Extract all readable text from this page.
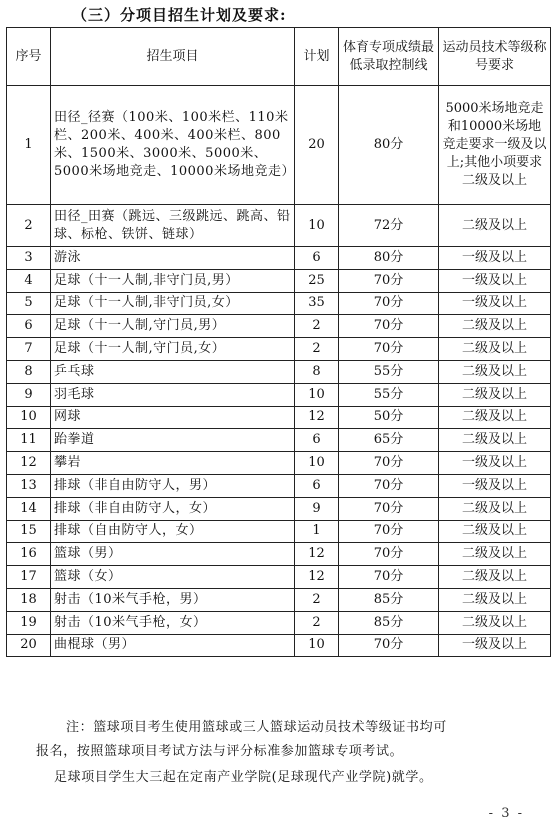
（三）分项目招生计划及要求:
序号	招生项目	计划	体育专项成绩最低录取控制线	运动员技术等级称号要求
1	田径_径赛（100米、100米栏、110米栏、200米、400米、400米栏、800米、1500米、3000米、5000米、5000米场地竞走、10000米场地竞走）	20	80分	5000米场地竞走和10000米场地竞走要求一级及以上;其他小项要求二级及以上
2	田径_田赛（跳远、三级跳远、跳高、铅球、标枪、铁饼、链球）	10	72分	二级及以上
3	游泳	6	80分	一级及以上
4	足球（十一人制,非守门员,男）	25	70分	一级及以上
5	足球（十一人制,非守门员,女）	35	70分	一级及以上
6	足球（十一人制,守门员,男）	2	70分	二级及以上
7	足球（十一人制,守门员,女）	2	70分	二级及以上
8	乒乓球	8	55分	二级及以上
9	羽毛球	10	55分	二级及以上
10	网球	12	50分	二级及以上
11	跆拳道	6	65分	二级及以上
12	攀岩	10	70分	一级及以上
13	排球（非自由防守人，男）	6	70分	一级及以上
14	排球（非自由防守人，女）	9	70分	二级及以上
15	排球（自由防守人，女）	1	70分	二级及以上
16	篮球（男）	12	70分	二级及以上
17	篮球（女）	12	70分	二级及以上
18	射击（10米气手枪，男）	2	85分	二级及以上
19	射击（10米气手枪，女）	2	85分	二级及以上
20	曲棍球（男）	10	70分	一级及以上
注：篮球项目考生使用篮球或三人篮球运动员技术等级证书均可
报名，按照篮球项目考试方法与评分标准参加篮球专项考试。
足球项目学生大三起在定南产业学院(足球现代产业学院)就学。
- 3 -
